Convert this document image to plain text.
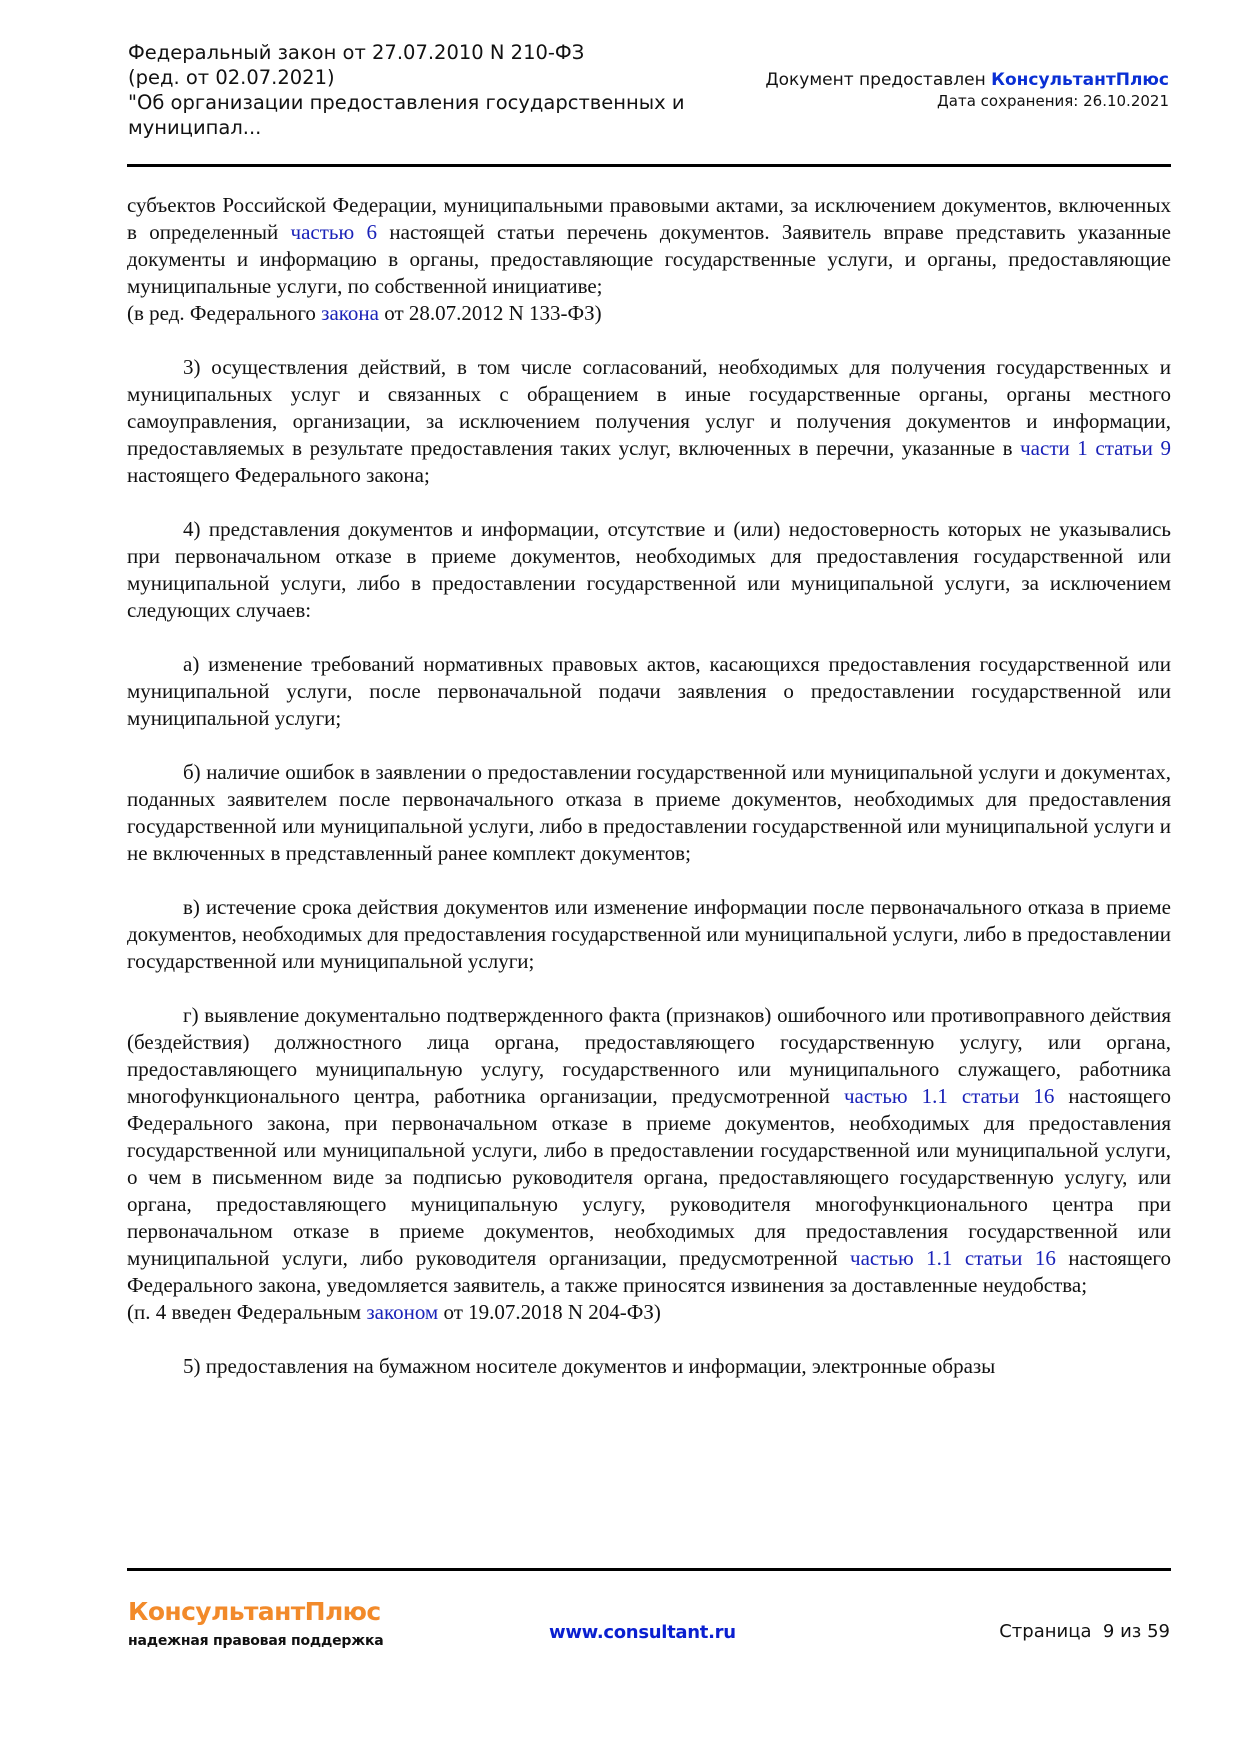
Федеральный закон от 27.07.2010 N 210-ФЗ
(ред. от 02.07.2021)
"Об организации предоставления государственных и
муниципал...
Документ предоставлен КонсультантПлюс
Дата сохранения: 26.10.2021

субъектов Российской Федерации, муниципальными правовыми актами, за исключением документов, включенных в определенный частью 6 настоящей статьи перечень документов. Заявитель вправе представить указанные документы и информацию в органы, предоставляющие государственные услуги, и органы, предоставляющие муниципальные услуги, по собственной инициативе;

(в ред. Федерального закона от 28.07.2012 N 133-ФЗ)

3) осуществления действий, в том числе согласований, необходимых для получения государственных и муниципальных услуг и связанных с обращением в иные государственные органы, органы местного самоуправления, организации, за исключением получения услуг и получения документов и информации, предоставляемых в результате предоставления таких услуг, включенных в перечни, указанные в части 1 статьи 9 настоящего Федерального закона;

4) представления документов и информации, отсутствие и (или) недостоверность которых не указывались при первоначальном отказе в приеме документов, необходимых для предоставления государственной или муниципальной услуги, либо в предоставлении государственной или муниципальной услуги, за исключением следующих случаев:

а) изменение требований нормативных правовых актов, касающихся предоставления государственной или муниципальной услуги, после первоначальной подачи заявления о предоставлении государственной или муниципальной услуги;

б) наличие ошибок в заявлении о предоставлении государственной или муниципальной услуги и документах, поданных заявителем после первоначального отказа в приеме документов, необходимых для предоставления государственной или муниципальной услуги, либо в предоставлении государственной или муниципальной услуги и не включенных в представленный ранее комплект документов;

в) истечение срока действия документов или изменение информации после первоначального отказа в приеме документов, необходимых для предоставления государственной или муниципальной услуги, либо в предоставлении государственной или муниципальной услуги;

г) выявление документально подтвержденного факта (признаков) ошибочного или противоправного действия (бездействия) должностного лица органа, предоставляющего государственную услугу, или органа, предоставляющего муниципальную услугу, государственного или муниципального служащего, работника многофункционального центра, работника организации, предусмотренной частью 1.1 статьи 16 настоящего Федерального закона, при первоначальном отказе в приеме документов, необходимых для предоставления государственной или муниципальной услуги, либо в предоставлении государственной или муниципальной услуги, о чем в письменном виде за подписью руководителя органа, предоставляющего государственную услугу, или органа, предоставляющего муниципальную услугу, руководителя многофункционального центра при первоначальном отказе в приеме документов, необходимых для предоставления государственной или муниципальной услуги, либо руководителя организации, предусмотренной частью 1.1 статьи 16 настоящего Федерального закона, уведомляется заявитель, а также приносятся извинения за доставленные неудобства;

(п. 4 введен Федеральным законом от 19.07.2018 N 204-ФЗ)

5) предоставления на бумажном носителе документов и информации, электронные образы

КонсультантПлюс
надежная правовая поддержка	www.consultant.ru	Страница  9 из 59
